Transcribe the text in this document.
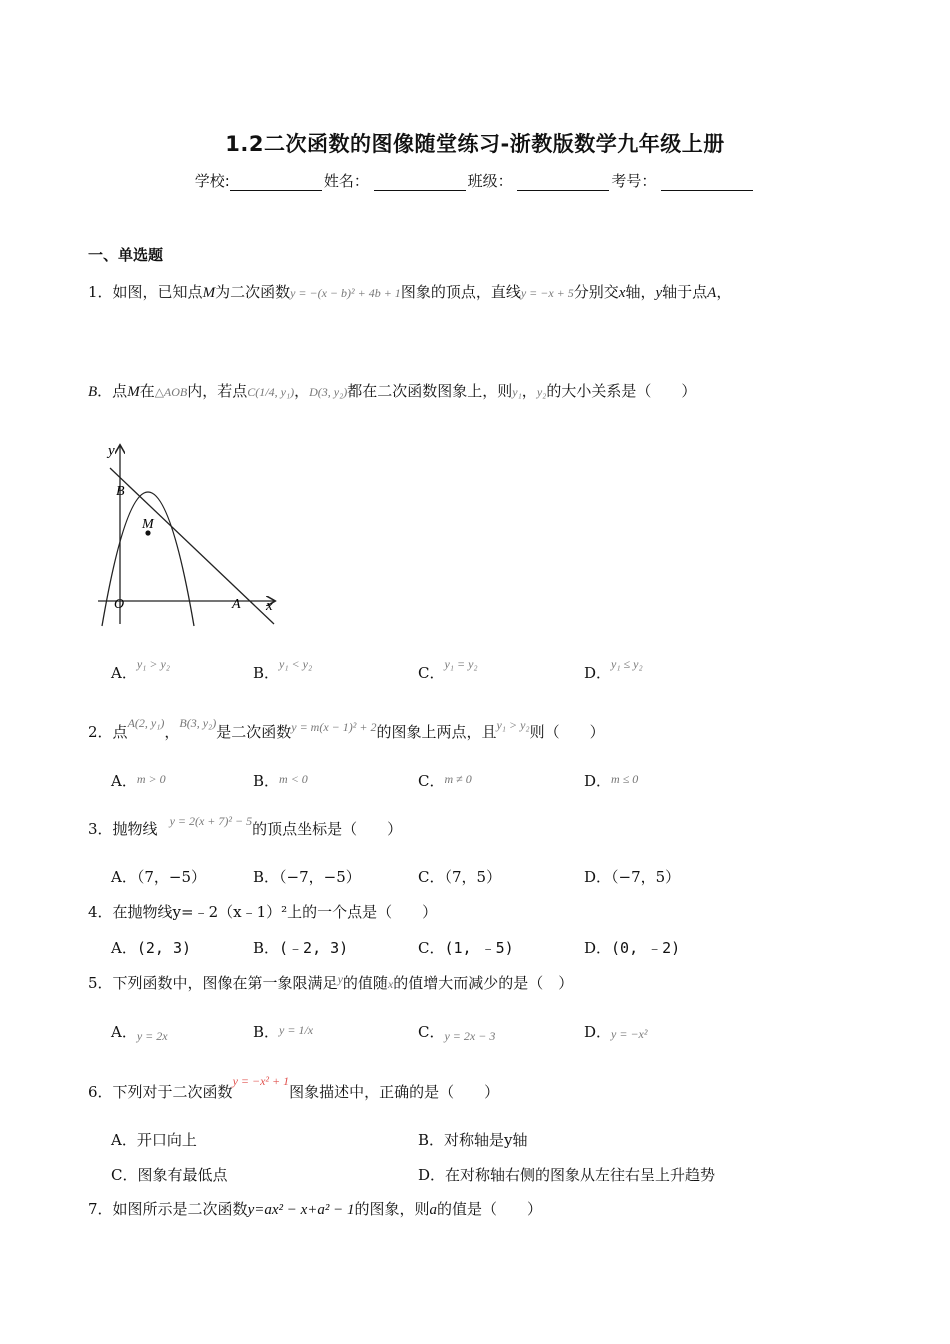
1.2二次函数的图像随堂练习-浙教版数学九年级上册
学校:	姓名：	班级：	考号：
一、单选题
1．如图，已知点M为二次函数y = −(x − b)² + 4b + 1图象的顶点，直线y = −x + 5分别交x轴，y轴于点A，
B．点M在△AOB内，若点C(1/4, y₁)，D(3, y₂)都在二次函数图象上，则y₁，y₂的大小关系是（　　）
y
x
B
M
O	A
A．$^{y_1 > y_2}$	B．$^{y_1 < y_2}$	C．$^{y_1 = y_2}$	D．$^{y_1 \le y_2}$
2．点$^{A(2, y_1)}$，$^{B(3, y_2)}$是二次函数$^{y = m(x - 1)^2 + 2}$的图象上两点，且$^{y_1 > y_2}$则（　　）
A．$^{m > 0}$	B．$^{m < 0}$	C．$^{m \ne 0}$	D．$^{m \le 0}$
3．抛物线 $^{y = 2(x + 7)^2 - 5}$的顶点坐标是（　　）
A．（7，−5）	B．（−7，−5）	C．（7，5）	D．（−7，5）
4．在抛物线y=﹣2（x﹣1）²上的一个点是（　　）
A．(2, 3)	B．(﹣2, 3)	C．(1, ﹣5)	D．(0, ﹣2)
5．下列函数中，图像在第一象限满足$^y$的值随x的值增大而减少的是（　）
A．$_{y = 2x}$	B．$^{y = 1/x}$	C．$_{y = 2x - 3}$	D．y = −x²
6．下列对于二次函数$^{y = -x^2 + 1}$图象描述中，正确的是（　　）
A．开口向上	B．对称轴是y轴
C．图象有最低点	D．在对称轴右侧的图象从左往右呈上升趋势
7．如图所示是二次函数y=ax² − x+a² − 1的图象，则a的值是（　　）
